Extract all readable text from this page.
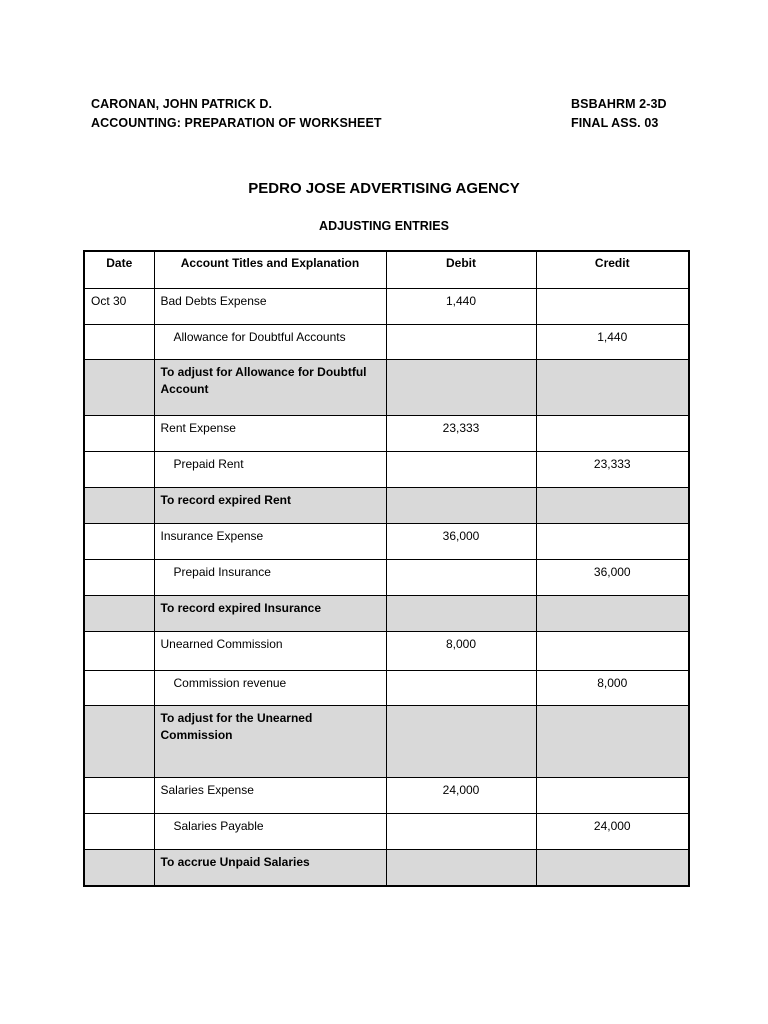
CARONAN, JOHN PATRICK D.
ACCOUNTING: PREPARATION OF WORKSHEET
BSBAHRM 2-3D
FINAL ASS. 03
PEDRO JOSE ADVERTISING AGENCY
ADJUSTING ENTRIES
Date	Account Titles and Explanation	Debit	Credit
Oct 30	Bad Debts Expense	1,440	
	Allowance for Doubtful Accounts		1,440
	To adjust for Allowance for Doubtful Account		
	Rent Expense	23,333	
	Prepaid Rent		23,333
	To record expired Rent		
	Insurance Expense	36,000	
	Prepaid Insurance		36,000
	To record expired Insurance		
	Unearned Commission	8,000	
	Commission revenue		8,000
	To adjust for the Unearned Commission		
	Salaries Expense	24,000	
	Salaries Payable		24,000
	To accrue Unpaid Salaries		
